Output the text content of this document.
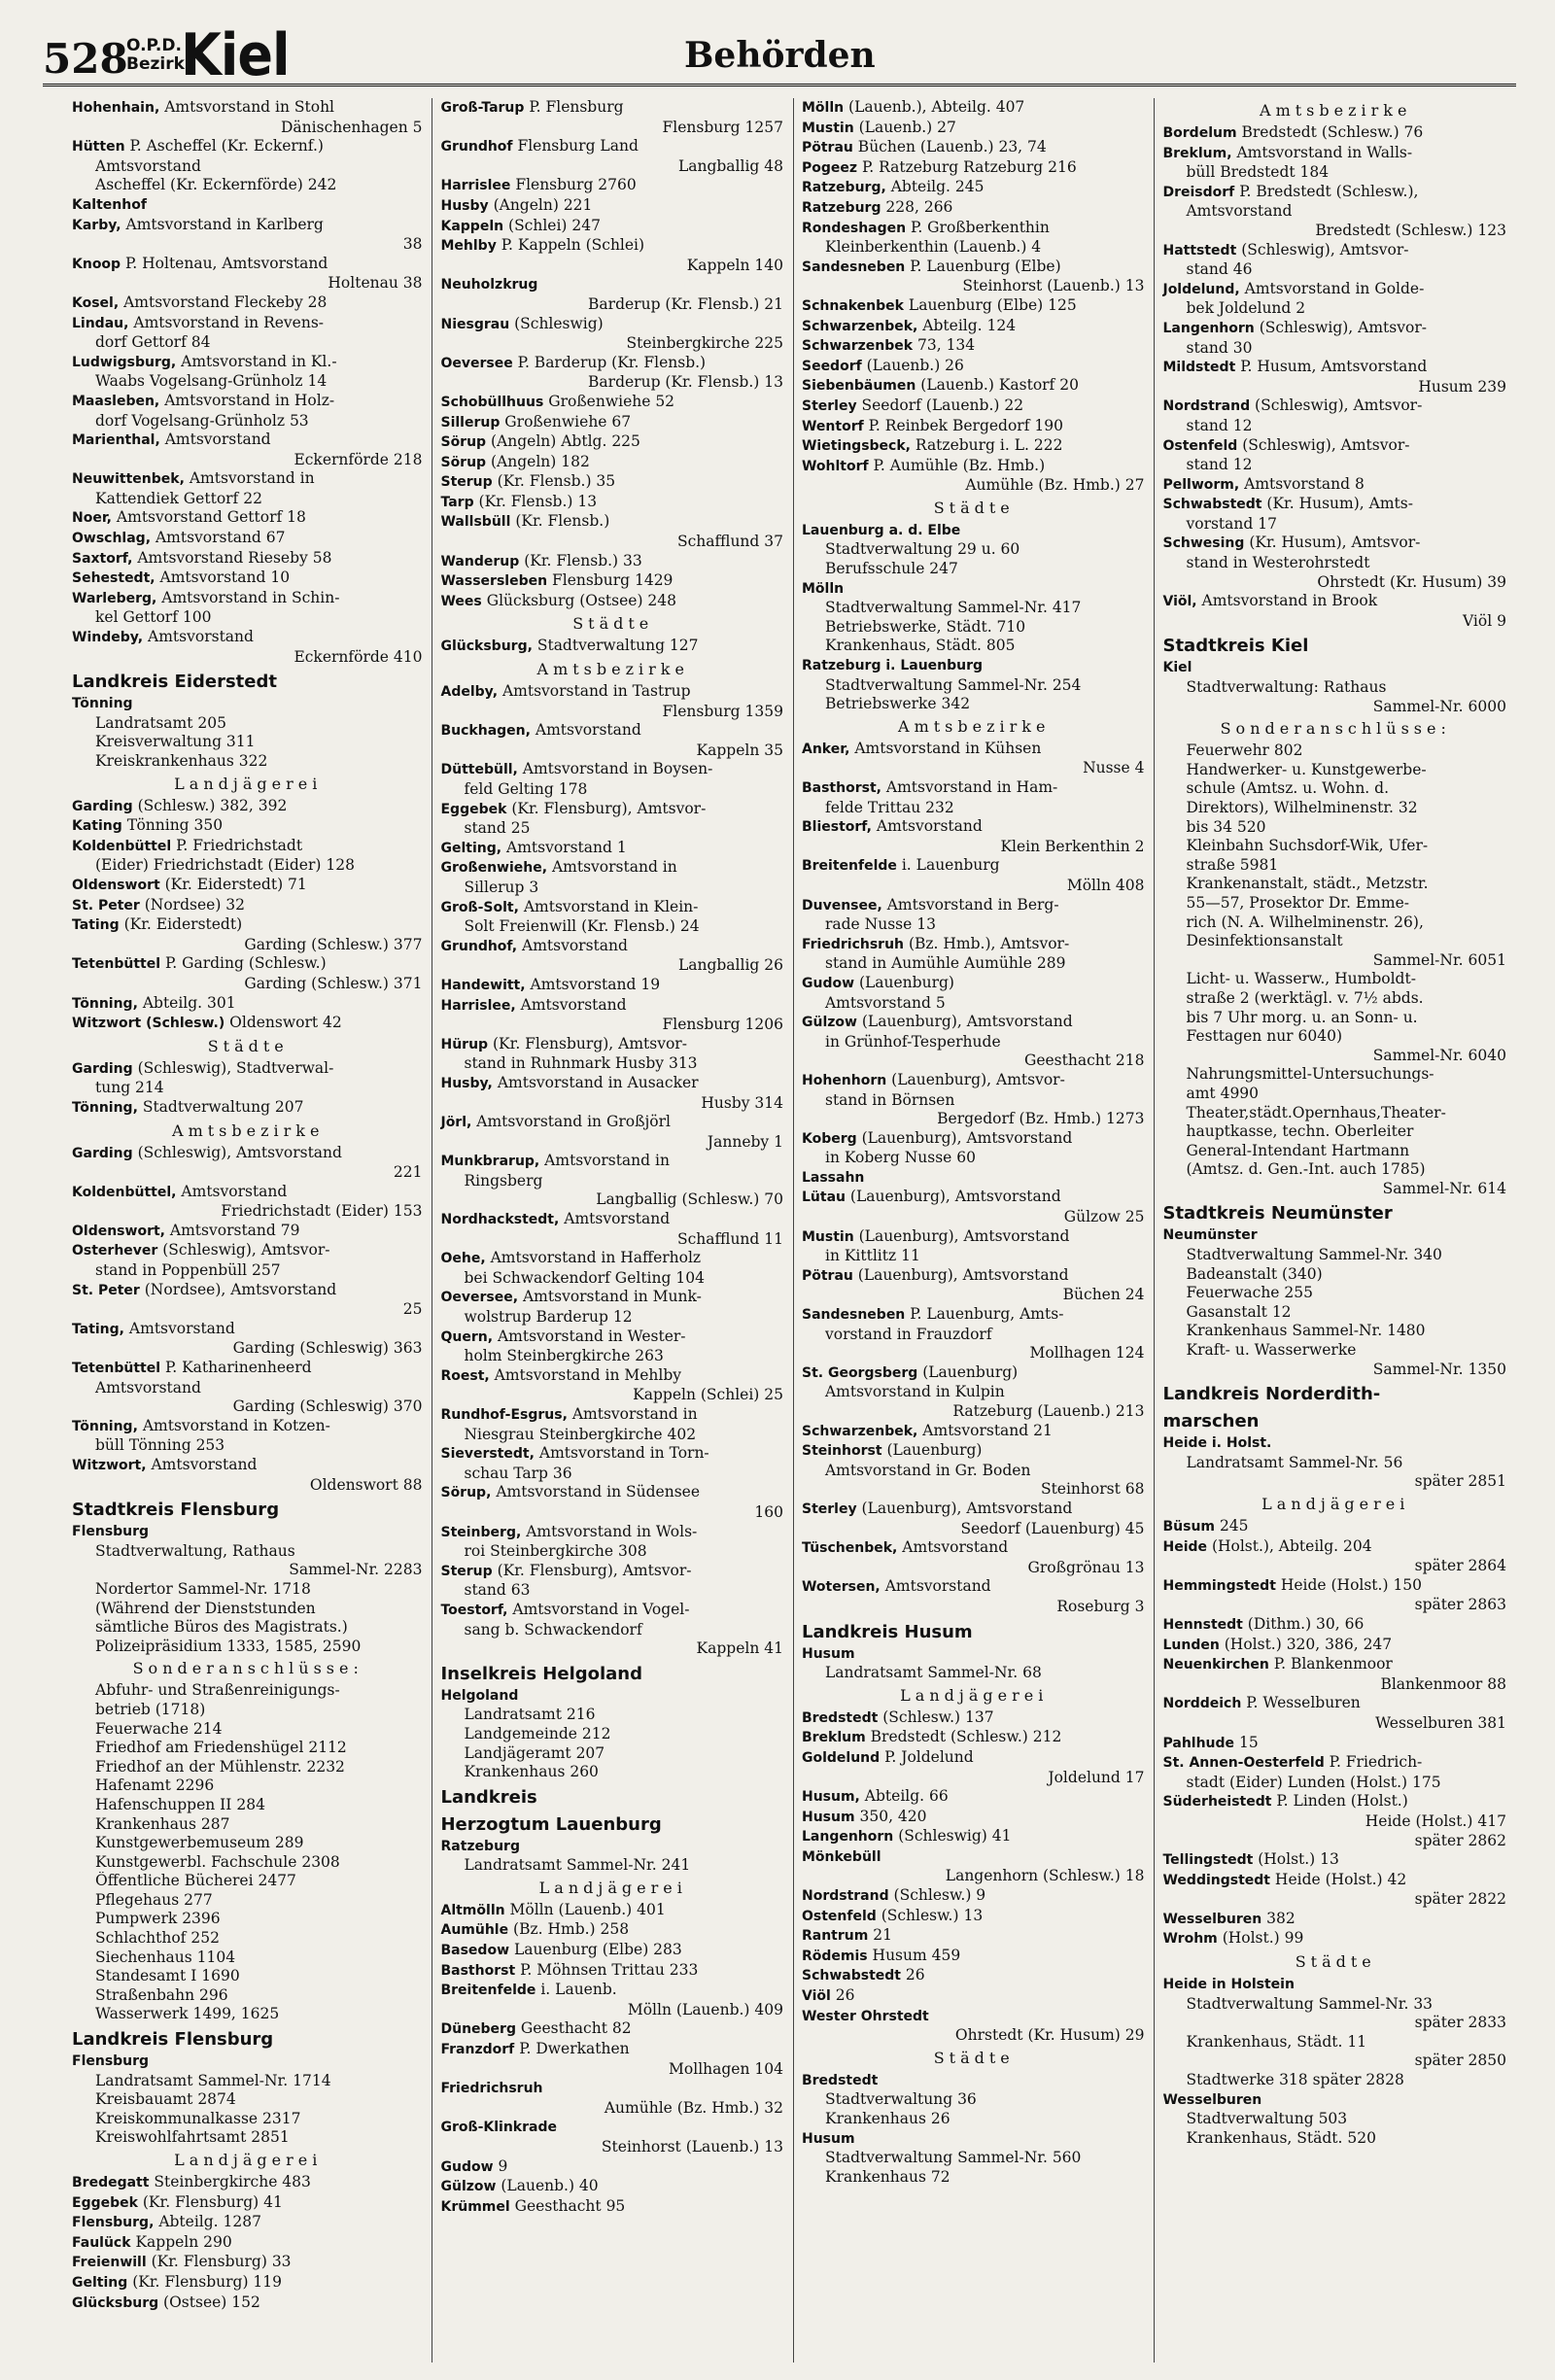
528
O.P.D.
Bezirk
Kiel	Behörden
Hohenhain, Amtsvorstand in Stohl
Dänischenhagen 5
Hütten P. Ascheffel (Kr. Eckernf.)
Amtsvorstand
Ascheffel (Kr. Eckernförde) 242
Kaltenhof
Karby, Amtsvorstand in Karlberg
38
Knoop P. Holtenau, Amtsvorstand
Holtenau 38
Kosel, Amtsvorstand Fleckeby 28
Lindau, Amtsvorstand in Revens-
dorf Gettorf 84
Ludwigsburg, Amtsvorstand in Kl.-
Waabs Vogelsang-Grünholz 14
Maasleben, Amtsvorstand in Holz-
dorf Vogelsang-Grünholz 53
Marienthal, Amtsvorstand
Eckernförde 218
Neuwittenbek, Amtsvorstand in
Kattendiek Gettorf 22
Noer, Amtsvorstand Gettorf 18
Owschlag, Amtsvorstand 67
Saxtorf, Amtsvorstand Rieseby 58
Sehestedt, Amtsvorstand 10
Warleberg, Amtsvorstand in Schin-
kel Gettorf 100
Windeby, Amtsvorstand
Eckernförde 410
Landkreis Eiderstedt
Tönning
Landratsamt 205
Kreisverwaltung 311
Kreiskrankenhaus 322
Landjägerei
Garding (Schlesw.) 382, 392
Kating Tönning 350
Koldenbüttel P. Friedrichstadt
(Eider) Friedrichstadt (Eider) 128
Oldenswort (Kr. Eiderstedt) 71
St. Peter (Nordsee) 32
Tating (Kr. Eiderstedt)
Garding (Schlesw.) 377
Tetenbüttel P. Garding (Schlesw.)
Garding (Schlesw.) 371
Tönning, Abteilg. 301
Witzwort (Schlesw.) Oldenswort 42
Städte
Garding (Schleswig), Stadtverwal-
tung 214
Tönning, Stadtverwaltung 207
Amtsbezirke
Garding (Schleswig), Amtsvorstand
221
Koldenbüttel, Amtsvorstand
Friedrichstadt (Eider) 153
Oldenswort, Amtsvorstand 79
Osterhever (Schleswig), Amtsvor-
stand in Poppenbüll 257
St. Peter (Nordsee), Amtsvorstand
25
Tating, Amtsvorstand
Garding (Schleswig) 363
Tetenbüttel P. Katharinenheerd
Amtsvorstand
Garding (Schleswig) 370
Tönning, Amtsvorstand in Kotzen-
büll Tönning 253
Witzwort, Amtsvorstand
Oldenswort 88
Stadtkreis Flensburg
Flensburg
Stadtverwaltung, Rathaus
Sammel-Nr. 2283
Nordertor Sammel-Nr. 1718
(Während der Dienststunden
sämtliche Büros des Magistrats.)
Polizeipräsidium 1333, 1585, 2590
Sonderanschlüsse:
Abfuhr- und Straßenreinigungs-
betrieb (1718)
Feuerwache 214
Friedhof am Friedenshügel 2112
Friedhof an der Mühlenstr. 2232
Hafenamt 2296
Hafenschuppen II 284
Krankenhaus 287
Kunstgewerbemuseum 289
Kunstgewerbl. Fachschule 2308
Öffentliche Bücherei 2477
Pflegehaus 277
Pumpwerk 2396
Schlachthof 252
Siechenhaus 1104
Standesamt I 1690
Straßenbahn 296
Wasserwerk 1499, 1625
Landkreis Flensburg
Flensburg
Landratsamt Sammel-Nr. 1714
Kreisbauamt 2874
Kreiskommunalkasse 2317
Kreiswohlfahrtsamt 2851
Landjägerei
Bredegatt Steinbergkirche 483
Eggebek (Kr. Flensburg) 41
Flensburg, Abteilg. 1287
Faulück Kappeln 290
Freienwill (Kr. Flensburg) 33
Gelting (Kr. Flensburg) 119
Glücksburg (Ostsee) 152
Groß-Tarup P. Flensburg
Flensburg 1257
Grundhof Flensburg Land
Langballig 48
Harrislee Flensburg 2760
Husby (Angeln) 221
Kappeln (Schlei) 247
Mehlby P. Kappeln (Schlei)
Kappeln 140
Neuholzkrug
Barderup (Kr. Flensb.) 21
Niesgrau (Schleswig)
Steinbergkirche 225
Oeversee P. Barderup (Kr. Flensb.)
Barderup (Kr. Flensb.) 13
Schobüllhuus Großenwiehe 52
Sillerup Großenwiehe 67
Sörup (Angeln) Abtlg. 225
Sörup (Angeln) 182
Sterup (Kr. Flensb.) 35
Tarp (Kr. Flensb.) 13
Wallsbüll (Kr. Flensb.)
Schafflund 37
Wanderup (Kr. Flensb.) 33
Wassersleben Flensburg 1429
Wees Glücksburg (Ostsee) 248
Städte
Glücksburg, Stadtverwaltung 127
Amtsbezirke
Adelby, Amtsvorstand in Tastrup
Flensburg 1359
Buckhagen, Amtsvorstand
Kappeln 35
Düttebüll, Amtsvorstand in Boysen-
feld Gelting 178
Eggebek (Kr. Flensburg), Amtsvor-
stand 25
Gelting, Amtsvorstand 1
Großenwiehe, Amtsvorstand in
Sillerup 3
Groß-Solt, Amtsvorstand in Klein-
Solt Freienwill (Kr. Flensb.) 24
Grundhof, Amtsvorstand
Langballig 26
Handewitt, Amtsvorstand 19
Harrislee, Amtsvorstand
Flensburg 1206
Hürup (Kr. Flensburg), Amtsvor-
stand in Ruhnmark Husby 313
Husby, Amtsvorstand in Ausacker
Husby 314
Jörl, Amtsvorstand in Großjörl
Janneby 1
Munkbrarup, Amtsvorstand in
Ringsberg
Langballig (Schlesw.) 70
Nordhackstedt, Amtsvorstand
Schafflund 11
Oehe, Amtsvorstand in Hafferholz
bei Schwackendorf Gelting 104
Oeversee, Amtsvorstand in Munk-
wolstrup Barderup 12
Quern, Amtsvorstand in Wester-
holm Steinbergkirche 263
Roest, Amtsvorstand in Mehlby
Kappeln (Schlei) 25
Rundhof-Esgrus, Amtsvorstand in
Niesgrau Steinbergkirche 402
Sieverstedt, Amtsvorstand in Torn-
schau Tarp 36
Sörup, Amtsvorstand in Südensee
160
Steinberg, Amtsvorstand in Wols-
roi Steinbergkirche 308
Sterup (Kr. Flensburg), Amtsvor-
stand 63
Toestorf, Amtsvorstand in Vogel-
sang b. Schwackendorf
Kappeln 41
Inselkreis Helgoland
Helgoland
Landratsamt 216
Landgemeinde 212
Landjägeramt 207
Krankenhaus 260
Landkreis
Herzogtum Lauenburg
Ratzeburg
Landratsamt Sammel-Nr. 241
Landjägerei
Altmölln Mölln (Lauenb.) 401
Aumühle (Bz. Hmb.) 258
Basedow Lauenburg (Elbe) 283
Basthorst P. Möhnsen Trittau 233
Breitenfelde i. Lauenb.
Mölln (Lauenb.) 409
Düneberg Geesthacht 82
Franzdorf P. Dwerkathen
Mollhagen 104
Friedrichsruh
Aumühle (Bz. Hmb.) 32
Groß-Klinkrade
Steinhorst (Lauenb.) 13
Gudow 9
Gülzow (Lauenb.) 40
Krümmel Geesthacht 95
Mölln (Lauenb.), Abteilg. 407
Mustin (Lauenb.) 27
Pötrau Büchen (Lauenb.) 23, 74
Pogeez P. Ratzeburg Ratzeburg 216
Ratzeburg, Abteilg. 245
Ratzeburg 228, 266
Rondeshagen P. Großberkenthin
Kleinberkenthin (Lauenb.) 4
Sandesneben P. Lauenburg (Elbe)
Steinhorst (Lauenb.) 13
Schnakenbek Lauenburg (Elbe) 125
Schwarzenbek, Abteilg. 124
Schwarzenbek 73, 134
Seedorf (Lauenb.) 26
Siebenbäumen (Lauenb.) Kastorf 20
Sterley Seedorf (Lauenb.) 22
Wentorf P. Reinbek Bergedorf 190
Wietingsbeck, Ratzeburg i. L. 222
Wohltorf P. Aumühle (Bz. Hmb.)
Aumühle (Bz. Hmb.) 27
Städte
Lauenburg a. d. Elbe
Stadtverwaltung 29 u. 60
Berufsschule 247
Mölln
Stadtverwaltung Sammel-Nr. 417
Betriebswerke, Städt. 710
Krankenhaus, Städt. 805
Ratzeburg i. Lauenburg
Stadtverwaltung Sammel-Nr. 254
Betriebswerke 342
Amtsbezirke
Anker, Amtsvorstand in Kühsen
Nusse 4
Basthorst, Amtsvorstand in Ham-
felde Trittau 232
Bliestorf, Amtsvorstand
Klein Berkenthin 2
Breitenfelde i. Lauenburg
Mölln 408
Duvensee, Amtsvorstand in Berg-
rade Nusse 13
Friedrichsruh (Bz. Hmb.), Amtsvor-
stand in Aumühle Aumühle 289
Gudow (Lauenburg)
Amtsvorstand 5
Gülzow (Lauenburg), Amtsvorstand
in Grünhof-Tesperhude
Geesthacht 218
Hohenhorn (Lauenburg), Amtsvor-
stand in Börnsen
Bergedorf (Bz. Hmb.) 1273
Koberg (Lauenburg), Amtsvorstand
in Koberg Nusse 60
Lassahn
Lütau (Lauenburg), Amtsvorstand
Gülzow 25
Mustin (Lauenburg), Amtsvorstand
in Kittlitz 11
Pötrau (Lauenburg), Amtsvorstand
Büchen 24
Sandesneben P. Lauenburg, Amts-
vorstand in Frauzdorf
Mollhagen 124
St. Georgsberg (Lauenburg)
Amtsvorstand in Kulpin
Ratzeburg (Lauenb.) 213
Schwarzenbek, Amtsvorstand 21
Steinhorst (Lauenburg)
Amtsvorstand in Gr. Boden
Steinhorst 68
Sterley (Lauenburg), Amtsvorstand
Seedorf (Lauenburg) 45
Tüschenbek, Amtsvorstand
Großgrönau 13
Wotersen, Amtsvorstand
Roseburg 3
Landkreis Husum
Husum
Landratsamt Sammel-Nr. 68
Landjägerei
Bredstedt (Schlesw.) 137
Breklum Bredstedt (Schlesw.) 212
Goldelund P. Joldelund
Joldelund 17
Husum, Abteilg. 66
Husum 350, 420
Langenhorn (Schleswig) 41
Mönkebüll
Langenhorn (Schlesw.) 18
Nordstrand (Schlesw.) 9
Ostenfeld (Schlesw.) 13
Rantrum 21
Rödemis Husum 459
Schwabstedt 26
Viöl 26
Wester Ohrstedt
Ohrstedt (Kr. Husum) 29
Städte
Bredstedt
Stadtverwaltung 36
Krankenhaus 26
Husum
Stadtverwaltung Sammel-Nr. 560
Krankenhaus 72
Amtsbezirke
Bordelum Bredstedt (Schlesw.) 76
Breklum, Amtsvorstand in Walls-
büll Bredstedt 184
Dreisdorf P. Bredstedt (Schlesw.),
Amtsvorstand
Bredstedt (Schlesw.) 123
Hattstedt (Schleswig), Amtsvor-
stand 46
Joldelund, Amtsvorstand in Golde-
bek Joldelund 2
Langenhorn (Schleswig), Amtsvor-
stand 30
Mildstedt P. Husum, Amtsvorstand
Husum 239
Nordstrand (Schleswig), Amtsvor-
stand 12
Ostenfeld (Schleswig), Amtsvor-
stand 12
Pellworm, Amtsvorstand 8
Schwabstedt (Kr. Husum), Amts-
vorstand 17
Schwesing (Kr. Husum), Amtsvor-
stand in Westerohrstedt
Ohrstedt (Kr. Husum) 39
Viöl, Amtsvorstand in Brook
Viöl 9
Stadtkreis Kiel
Kiel
Stadtverwaltung: Rathaus
Sammel-Nr. 6000
Sonderanschlüsse:
Feuerwehr 802
Handwerker- u. Kunstgewerbe-
schule (Amtsz. u. Wohn. d.
Direktors), Wilhelminenstr. 32
bis 34 520
Kleinbahn Suchsdorf-Wik, Ufer-
straße 5981
Krankenanstalt, städt., Metzstr.
55—57, Prosektor Dr. Emme-
rich (N. A. Wilhelminenstr. 26),
Desinfektionsanstalt
Sammel-Nr. 6051
Licht- u. Wasserw., Humboldt-
straße 2 (werktägl. v. 7½ abds.
bis 7 Uhr morg. u. an Sonn- u.
Festtagen nur 6040)
Sammel-Nr. 6040
Nahrungsmittel-Untersuchungs-
amt 4990
Theater,städt.Opernhaus,Theater-
hauptkasse, techn. Oberleiter
General-Intendant Hartmann
(Amtsz. d. Gen.-Int. auch 1785)
Sammel-Nr. 614
Stadtkreis Neumünster
Neumünster
Stadtverwaltung Sammel-Nr. 340
Badeanstalt (340)
Feuerwache 255
Gasanstalt 12
Krankenhaus Sammel-Nr. 1480
Kraft- u. Wasserwerke
Sammel-Nr. 1350
Landkreis Norderdith-
marschen
Heide i. Holst.
Landratsamt Sammel-Nr. 56
später 2851
Landjägerei
Büsum 245
Heide (Holst.), Abteilg. 204
später 2864
Hemmingstedt Heide (Holst.) 150
später 2863
Hennstedt (Dithm.) 30, 66
Lunden (Holst.) 320, 386, 247
Neuenkirchen P. Blankenmoor
Blankenmoor 88
Norddeich P. Wesselburen
Wesselburen 381
Pahlhude 15
St. Annen-Oesterfeld P. Friedrich-
stadt (Eider) Lunden (Holst.) 175
Süderheistedt P. Linden (Holst.)
Heide (Holst.) 417
später 2862
Tellingstedt (Holst.) 13
Weddingstedt Heide (Holst.) 42
später 2822
Wesselburen 382
Wrohm (Holst.) 99
Städte
Heide in Holstein
Stadtverwaltung Sammel-Nr. 33
später 2833
Krankenhaus, Städt. 11
später 2850
Stadtwerke 318 später 2828
Wesselburen
Stadtverwaltung 503
Krankenhaus, Städt. 520
